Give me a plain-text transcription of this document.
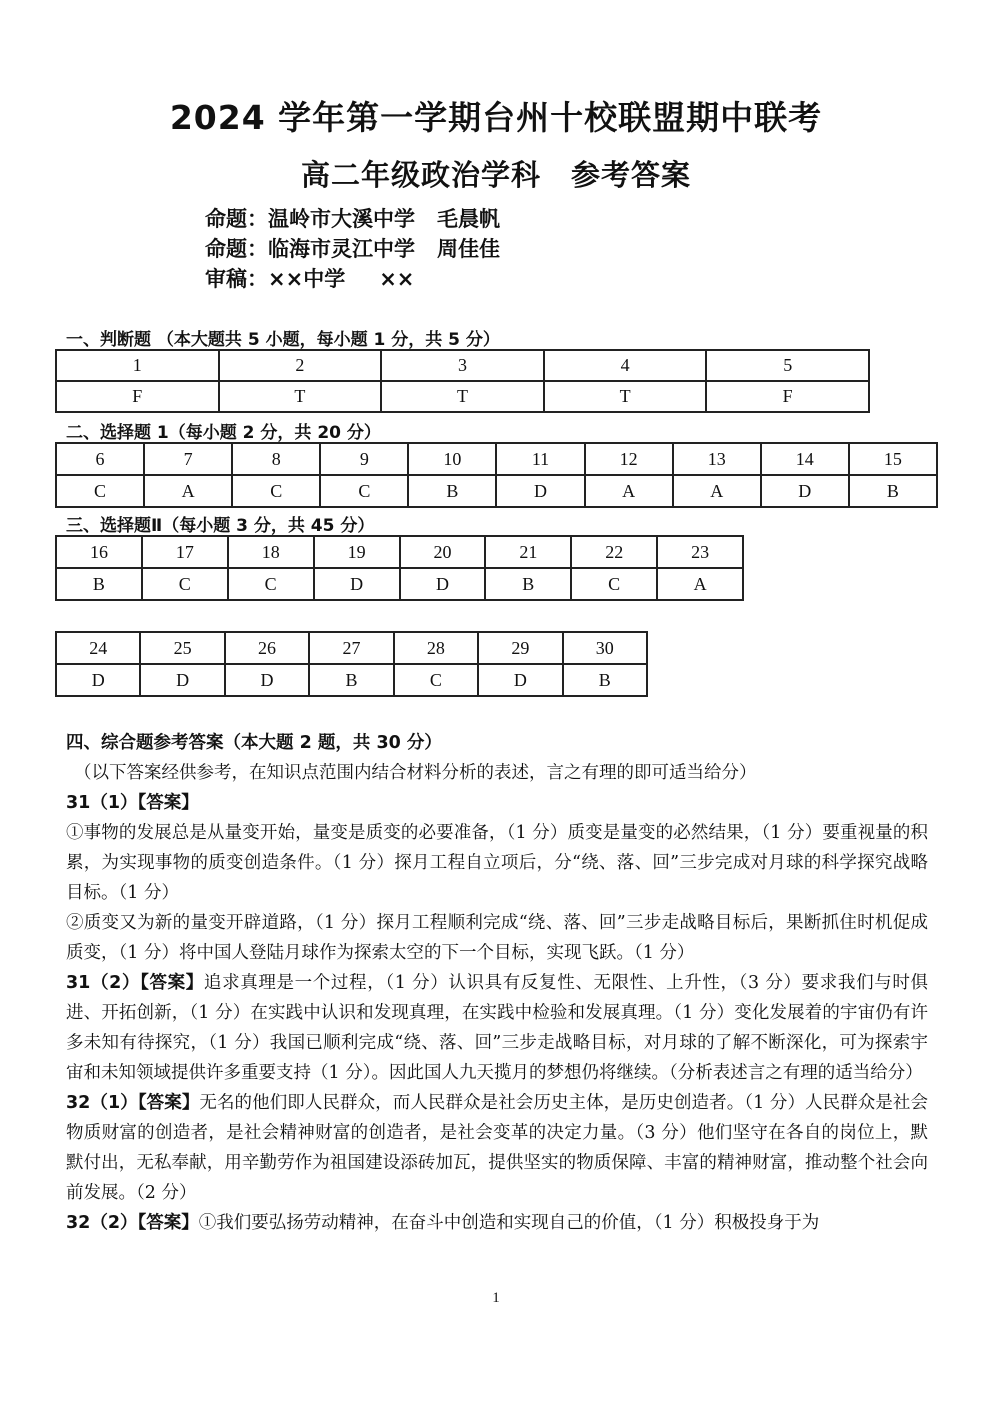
2024 学年第一学期台州十校联盟期中联考
高二年级政治学科 参考答案
命题：温岭市大溪中学 毛晨帆
命题：临海市灵江中学 周佳佳
审稿：××中学 ××
一、判断题 （本大题共 5 小题，每小题 1 分，共 5 分）
1	2	3	4	5
F	T	T	T	F
二、选择题 1（每小题 2 分，共 20 分）
6	7	8	9	10	11	12	13	14	15
C	A	C	C	B	D	A	A	D	B
三、选择题Ⅱ（每小题 3 分，共 45 分）
16	17	18	19	20	21	22	23
B	C	C	D	D	B	C	A
24	25	26	27	28	29	30
D	D	D	B	C	D	B

四、综合题参考答案（本大题 2 题，共 30 分）

（以下答案经供参考，在知识点范围内结合材料分析的表述，言之有理的即可适当给分）

31（1）【答案】

①事物的发展总是从量变开始，量变是质变的必要准备，（1 分）质变是量变的必然结果，（1 分）要重视量的积累，为实现事物的质变创造条件。（1 分）探月工程自立项后，分“绕、落、回”三步完成对月球的科学探究战略目标。（1 分）

②质变又为新的量变开辟道路，（1 分）探月工程顺利完成“绕、落、回”三步走战略目标后，果断抓住时机促成质变，（1 分）将中国人登陆月球作为探索太空的下一个目标，实现飞跃。（1 分）

31（2）【答案】追求真理是一个过程，（1 分）认识具有反复性、无限性、上升性，（3 分）要求我们与时俱进、开拓创新，（1 分）在实践中认识和发现真理，在实践中检验和发展真理。（1 分）变化发展着的宇宙仍有许多未知有待探究，（1 分）我国已顺利完成“绕、落、回”三步走战略目标，对月球的了解不断深化，可为探索宇宙和未知领域提供许多重要支持（1 分）。因此国人九天揽月的梦想仍将继续。（分析表述言之有理的适当给分）

32（1）【答案】无名的他们即人民群众，而人民群众是社会历史主体，是历史创造者。（1 分）人民群众是社会物质财富的创造者，是社会精神财富的创造者，是社会变革的决定力量。（3 分）他们坚守在各自的岗位上，默默付出，无私奉献，用辛勤劳作为祖国建设添砖加瓦，提供坚实的物质保障、丰富的精神财富，推动整个社会向前发展。（2 分）

32（2）【答案】①我们要弘扬劳动精神，在奋斗中创造和实现自己的价值，（1 分）积极投身于为

1
